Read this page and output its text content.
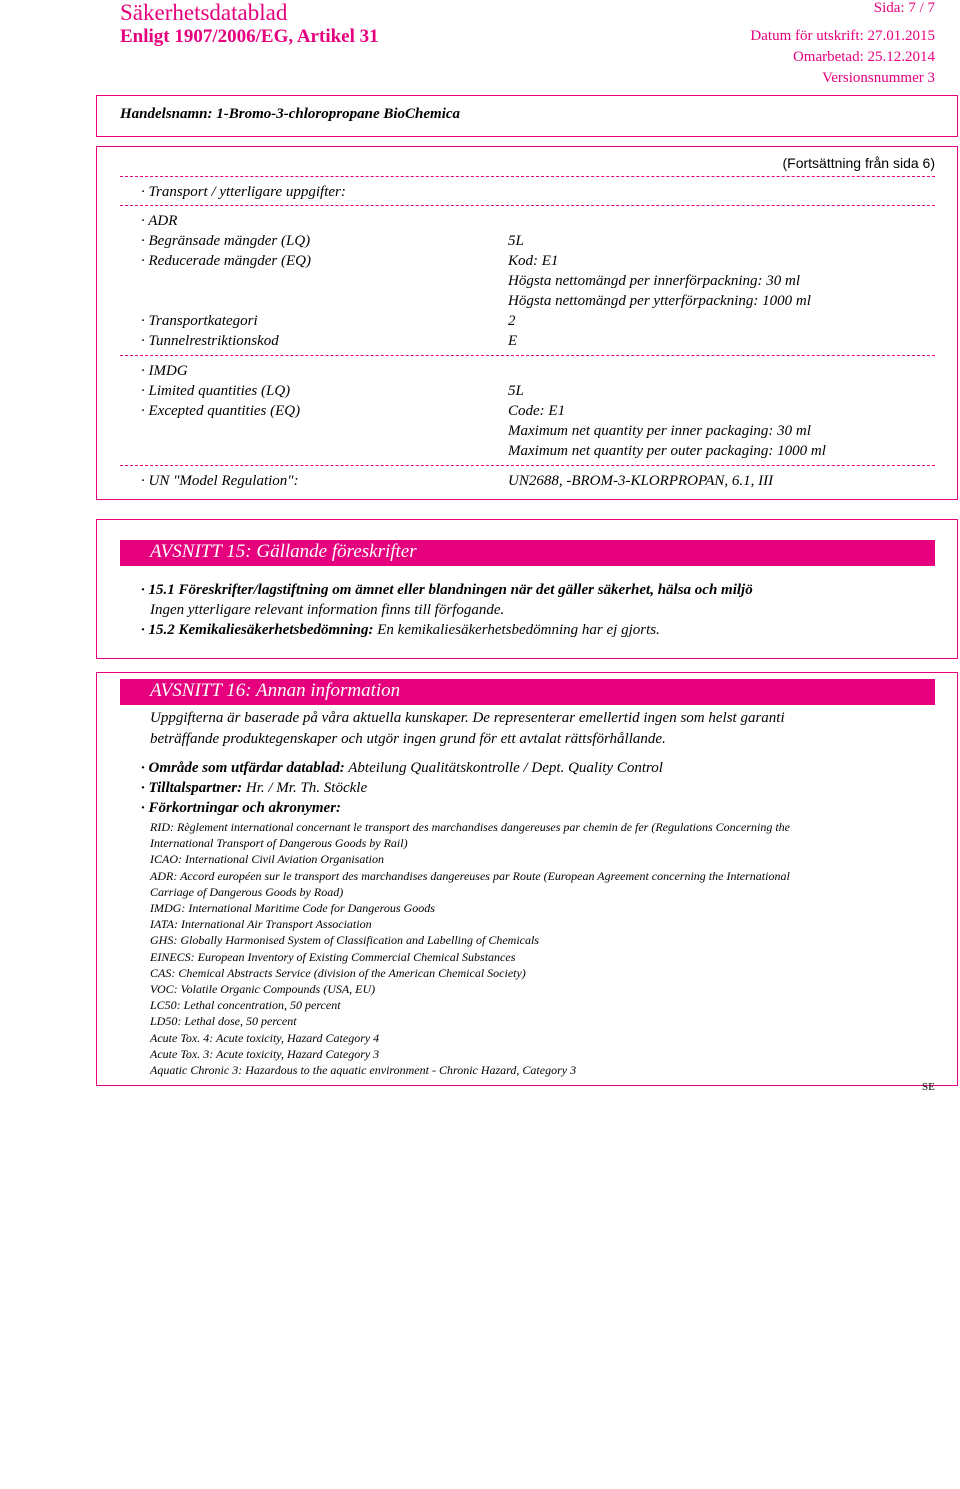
Säkerhetsdatablad
Enligt 1907/2006/EG, Artikel 31
Sida: 7 / 7
Datum för utskrift: 27.01.2015
Omarbetad: 25.12.2014
Versionsnummer 3
Handelsnamn: 1-Bromo-3-chloropropane BioChemica
(Fortsättning från sida 6)
· Transport / ytterligare uppgifter:
· ADR
· Begränsade mängder (LQ)	5L
· Reducerade mängder (EQ)	Kod: E1
Högsta nettomängd per innerförpackning: 30 ml
Högsta nettomängd per ytterförpackning: 1000 ml
· Transportkategori	2
· Tunnelrestriktionskod	E
· IMDG
· Limited quantities (LQ)	5L
· Excepted quantities (EQ)	Code: E1
Maximum net quantity per inner packaging: 30 ml
Maximum net quantity per outer packaging: 1000 ml
· UN "Model Regulation":	UN2688, -BROM-3-KLORPROPAN, 6.1, III
AVSNITT 15: Gällande föreskrifter
· 15.1 Föreskrifter/lagstiftning om ämnet eller blandningen när det gäller säkerhet, hälsa och miljö
Ingen ytterligare relevant information finns till förfogande.
· 15.2 Kemikaliesäkerhetsbedömning: En kemikaliesäkerhetsbedömning har ej gjorts.
AVSNITT 16: Annan information
Uppgifterna är baserade på våra aktuella kunskaper. De representerar emellertid ingen som helst garanti
beträffande produktegenskaper och utgör ingen grund för ett avtalat rättsförhållande.
· Område som utfärdar datablad: Abteilung Qualitätskontrolle / Dept. Quality Control
· Tilltalspartner: Hr. / Mr. Th. Stöckle
· Förkortningar och akronymer:
RID: Règlement international concernant le transport des marchandises dangereuses par chemin de fer (Regulations Concerning the
International Transport of Dangerous Goods by Rail)
ICAO: International Civil Aviation Organisation
ADR: Accord européen sur le transport des marchandises dangereuses par Route (European Agreement concerning the International
Carriage of Dangerous Goods by Road)
IMDG: International Maritime Code for Dangerous Goods
IATA: International Air Transport Association
GHS: Globally Harmonised System of Classification and Labelling of Chemicals
EINECS: European Inventory of Existing Commercial Chemical Substances
CAS: Chemical Abstracts Service (division of the American Chemical Society)
VOC: Volatile Organic Compounds (USA, EU)
LC50: Lethal concentration, 50 percent
LD50: Lethal dose, 50 percent
Acute Tox. 4: Acute toxicity, Hazard Category 4
Acute Tox. 3: Acute toxicity, Hazard Category 3
Aquatic Chronic 3: Hazardous to the aquatic environment - Chronic Hazard, Category 3
SE
